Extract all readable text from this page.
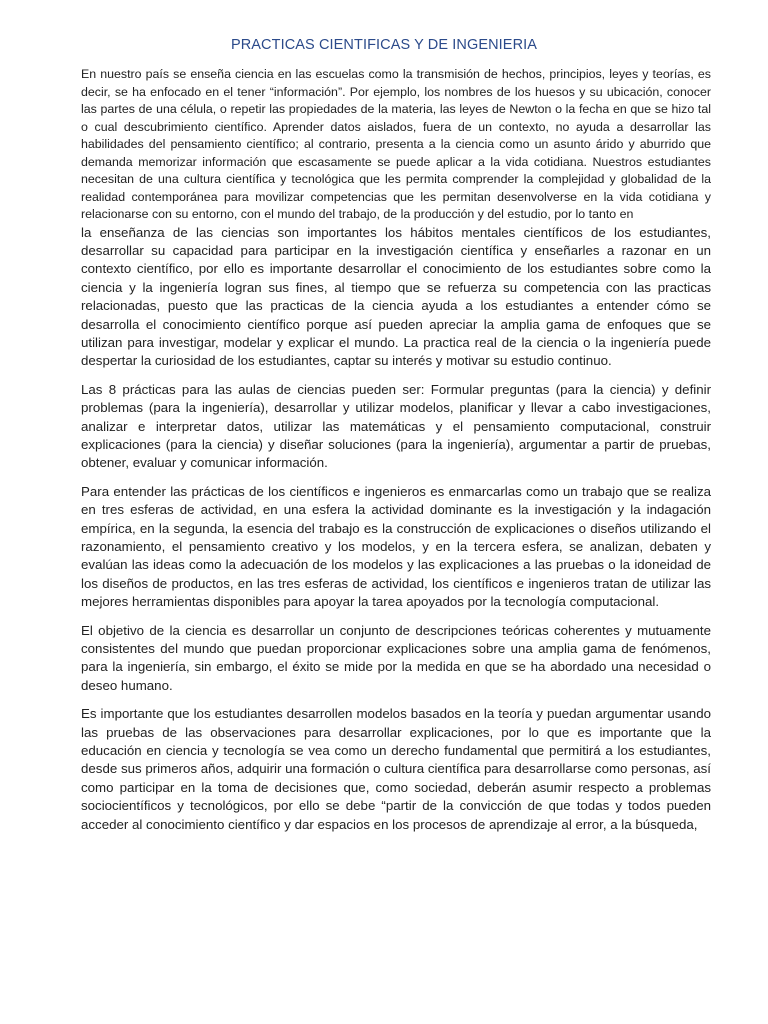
PRACTICAS CIENTIFICAS Y DE INGENIERIA

En nuestro país se enseña ciencia en las escuelas como la transmisión de hechos, principios, leyes y teorías, es decir, se ha enfocado en el tener “información”. Por ejemplo, los nombres de los huesos y su ubicación, conocer las partes de una célula, o repetir las propiedades de la materia, las leyes de Newton o la fecha en que se hizo tal o cual descubrimiento científico. Aprender datos aislados, fuera de un contexto, no ayuda a desarrollar las habilidades del pensamiento científico; al contrario, presenta a la ciencia como un asunto árido y aburrido que demanda memorizar información que escasamente se puede aplicar a la vida cotidiana. Nuestros estudiantes necesitan de una cultura científica y tecnológica que les permita comprender la complejidad y globalidad de la realidad contemporánea para movilizar competencias que les permitan desenvolverse en la vida cotidiana y relacionarse con su entorno, con el mundo del trabajo, de la producción y del estudio, por lo tanto en

la enseñanza de las ciencias son importantes los hábitos mentales científicos de los estudiantes, desarrollar su capacidad para participar en la investigación científica y enseñarles a razonar en un contexto científico, por ello es importante desarrollar el conocimiento de los estudiantes sobre como la ciencia y la ingeniería logran sus fines, al tiempo que se refuerza su competencia con las practicas relacionadas, puesto que las practicas de la ciencia ayuda a los estudiantes a entender cómo se desarrolla el conocimiento científico porque así pueden apreciar la amplia gama de enfoques que se utilizan para investigar, modelar y explicar el mundo. La practica real de la ciencia o la ingeniería puede despertar la curiosidad de los estudiantes, captar su interés y motivar su estudio continuo.

Las 8 prácticas para las aulas de ciencias pueden ser: Formular preguntas (para la ciencia) y definir problemas (para la ingeniería), desarrollar y utilizar modelos, planificar y llevar a cabo investigaciones, analizar e interpretar datos, utilizar las matemáticas y el pensamiento computacional, construir explicaciones (para la ciencia) y diseñar soluciones (para la ingeniería), argumentar a partir de pruebas, obtener, evaluar y comunicar información.

Para entender las prácticas de los científicos e ingenieros es enmarcarlas como un trabajo que se realiza en tres esferas de actividad, en una esfera la actividad dominante es la investigación y la indagación empírica, en la segunda, la esencia del trabajo es la construcción de explicaciones o diseños utilizando el razonamiento, el pensamiento creativo y los modelos, y en la tercera esfera, se analizan, debaten y evalúan las ideas como la adecuación de los modelos y las explicaciones a las pruebas o la idoneidad de los diseños de productos, en las tres esferas de actividad, los científicos e ingenieros tratan de utilizar las mejores herramientas disponibles para apoyar la tarea apoyados por la tecnología computacional.

El objetivo de la ciencia es desarrollar un conjunto de descripciones teóricas coherentes y mutuamente consistentes del mundo que puedan proporcionar explicaciones sobre una amplia gama de fenómenos, para la ingeniería, sin embargo, el éxito se mide por la medida en que se ha abordado una necesidad o deseo humano.

Es importante que los estudiantes desarrollen modelos basados en la teoría y puedan argumentar usando las pruebas de las observaciones para desarrollar explicaciones, por lo que es importante que la educación en ciencia y tecnología se vea como un derecho fundamental que permitirá a los estudiantes, desde sus primeros años, adquirir una formación o cultura científica para desarrollarse como personas, así como participar en la toma de decisiones que, como sociedad, deberán asumir respecto a problemas sociocientíficos y tecnológicos, por ello se debe “partir de la convicción de que todas y todos pueden acceder al conocimiento científico y dar espacios en los procesos de aprendizaje al error, a la búsqueda,
